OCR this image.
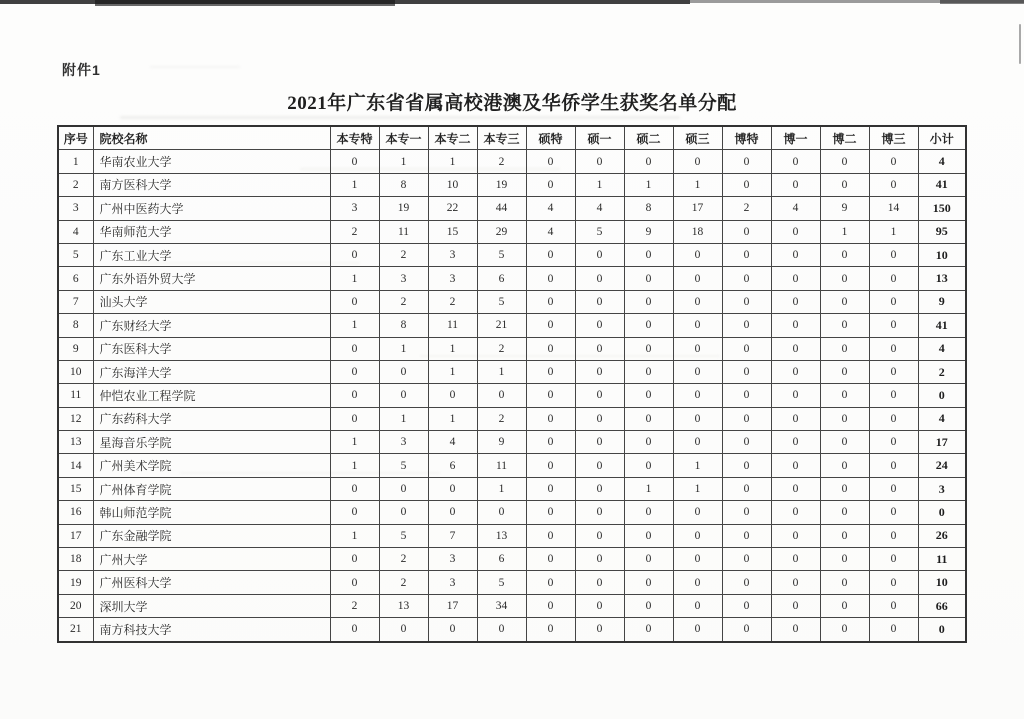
附件1
2021年广东省省属高校港澳及华侨学生获奖名单分配
序号	院校名称	本专特	本专一	本专二	本专三	硕特	硕一	硕二	硕三	博特	博一	博二	博三	小计
1	华南农业大学	0	1	1	2	0	0	0	0	0	0	0	0	4
2	南方医科大学	1	8	10	19	0	1	1	1	0	0	0	0	41
3	广州中医药大学	3	19	22	44	4	4	8	17	2	4	9	14	150
4	华南师范大学	2	11	15	29	4	5	9	18	0	0	1	1	95
5	广东工业大学	0	2	3	5	0	0	0	0	0	0	0	0	10
6	广东外语外贸大学	1	3	3	6	0	0	0	0	0	0	0	0	13
7	汕头大学	0	2	2	5	0	0	0	0	0	0	0	0	9
8	广东财经大学	1	8	11	21	0	0	0	0	0	0	0	0	41
9	广东医科大学	0	1	1	2	0	0	0	0	0	0	0	0	4
10	广东海洋大学	0	0	1	1	0	0	0	0	0	0	0	0	2
11	仲恺农业工程学院	0	0	0	0	0	0	0	0	0	0	0	0	0
12	广东药科大学	0	1	1	2	0	0	0	0	0	0	0	0	4
13	星海音乐学院	1	3	4	9	0	0	0	0	0	0	0	0	17
14	广州美术学院	1	5	6	11	0	0	0	1	0	0	0	0	24
15	广州体育学院	0	0	0	1	0	0	1	1	0	0	0	0	3
16	韩山师范学院	0	0	0	0	0	0	0	0	0	0	0	0	0
17	广东金融学院	1	5	7	13	0	0	0	0	0	0	0	0	26
18	广州大学	0	2	3	6	0	0	0	0	0	0	0	0	11
19	广州医科大学	0	2	3	5	0	0	0	0	0	0	0	0	10
20	深圳大学	2	13	17	34	0	0	0	0	0	0	0	0	66
21	南方科技大学	0	0	0	0	0	0	0	0	0	0	0	0	0
